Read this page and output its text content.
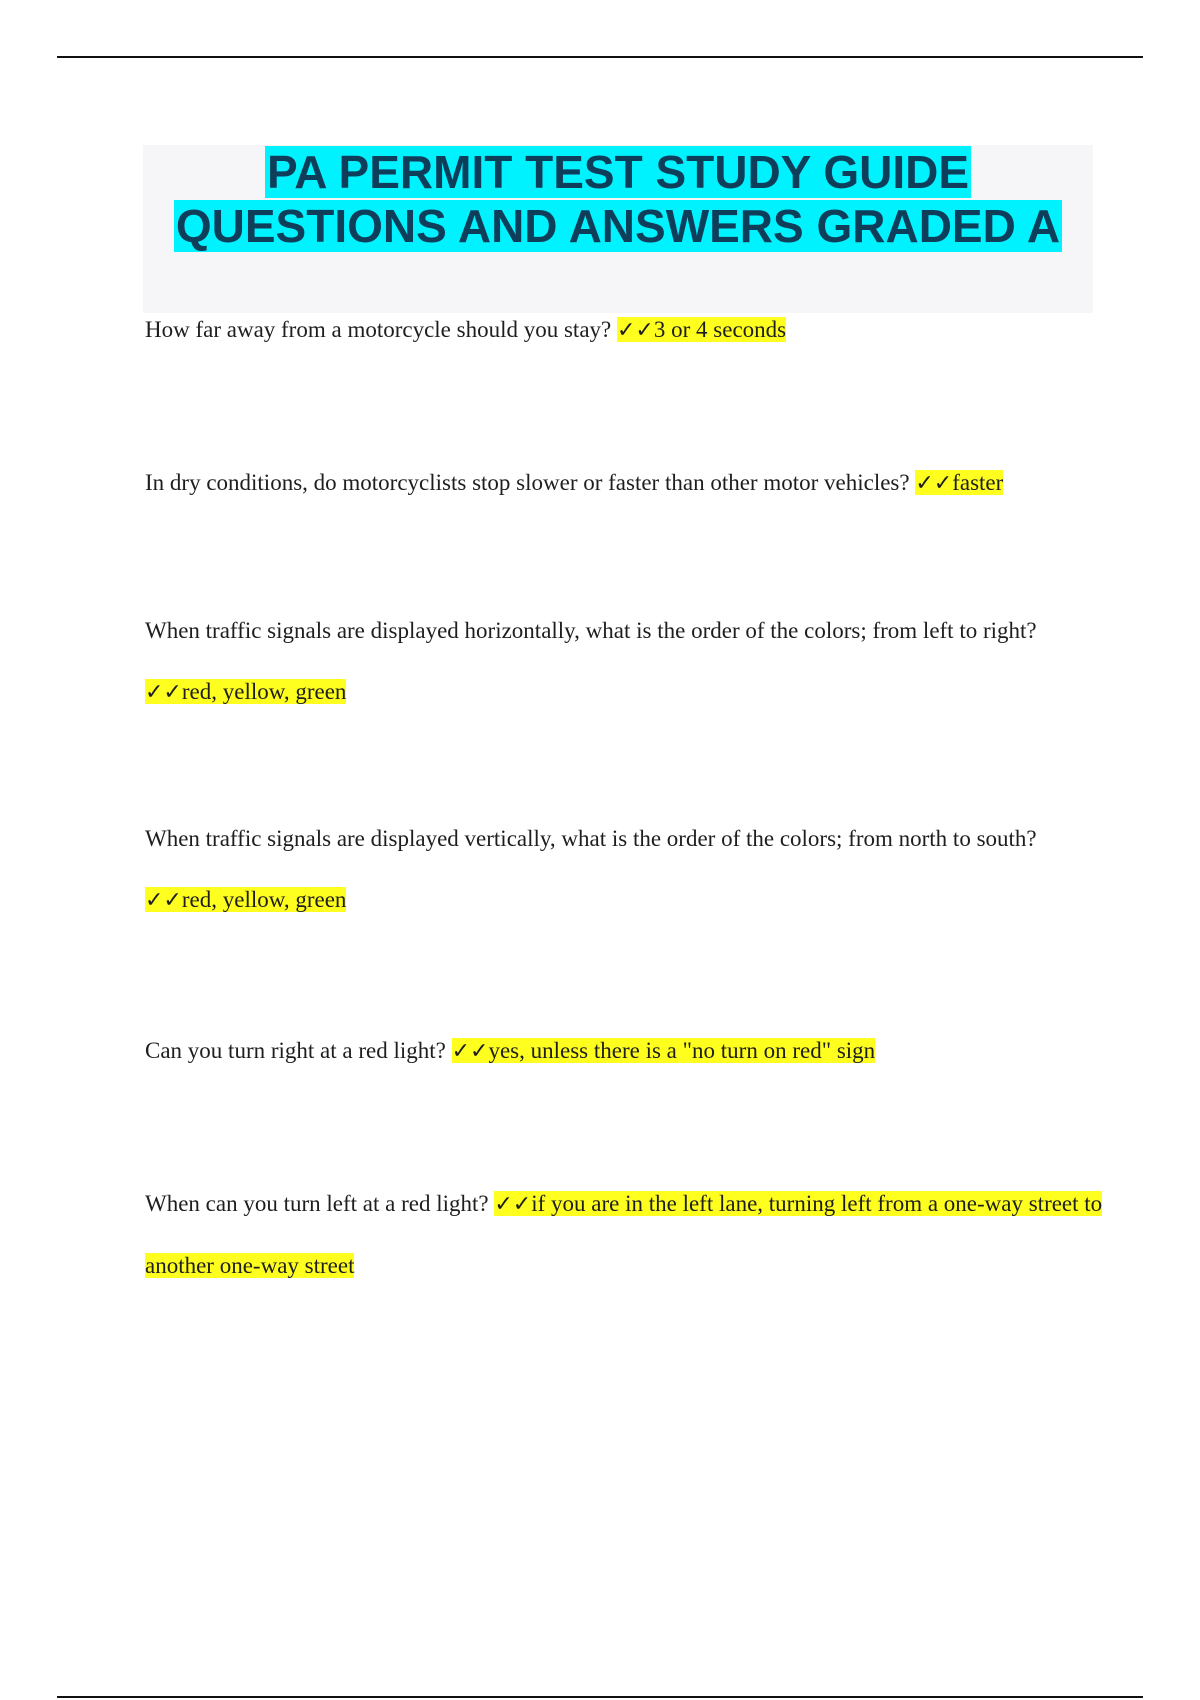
PA PERMIT TEST STUDY GUIDE
QUESTIONS AND ANSWERS GRADED A
How far away from a motorcycle should you stay? ✓✓3 or 4 seconds
In dry conditions, do motorcyclists stop slower or faster than other motor vehicles? ✓✓faster
When traffic signals are displayed horizontally, what is the order of the colors; from left to right? ✓✓red, yellow, green
When traffic signals are displayed vertically, what is the order of the colors; from north to south? ✓✓red, yellow, green
Can you turn right at a red light? ✓✓yes, unless there is a "no turn on red" sign
When can you turn left at a red light? ✓✓if you are in the left lane, turning left from a one-way street to another one-way street
